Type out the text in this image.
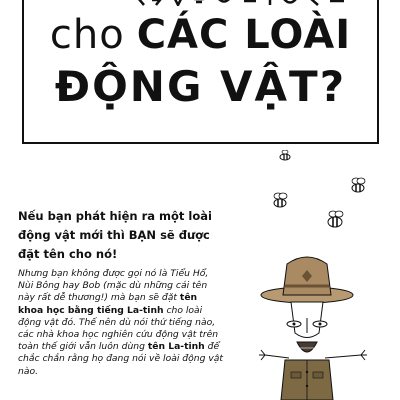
cho CÁC LOÀI
ĐỘNG VẬT?
Nếu bạn phát hiện ra một loài động vật mới thì BẠN sẽ được đặt tên cho nó!

Nhưng bạn không được gọi nó là Tiểu Hổ, Nùi Bông hay Bob (mặc dù những cái tên này rất dễ thương!) mà bạn sẽ đặt tên khoa học bằng tiếng La-tinh cho loài động vật đó. Thế nên dù nói thứ tiếng nào, các nhà khoa học nghiên cứu động vật trên toàn thế giới vẫn luôn dùng tên La-tinh để chắc chắn rằng họ đang nói về loài động vật nào.
